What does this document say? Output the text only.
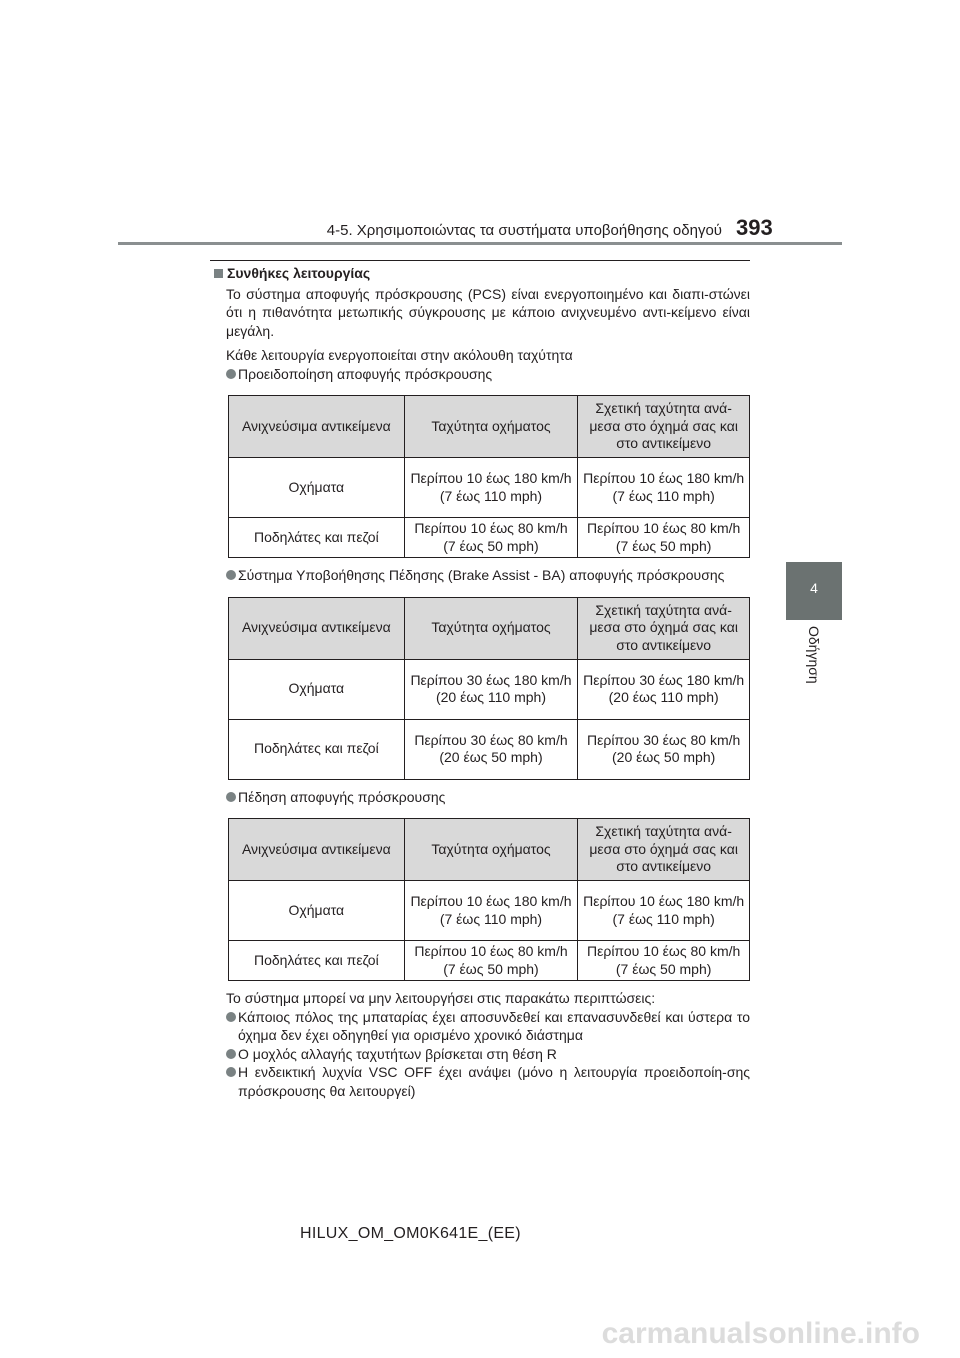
4-5. Χρησιμοποιώντας τα συστήματα υποβοήθησης οδηγού 393
4
Οδήγηση

Συνθήκες λειτουργίας

Το σύστημα αποφυγής πρόσκρουσης (PCS) είναι ενεργοποιημένο και διαπι-στώνει ότι η πιθανότητα μετωπικής σύγκρουσης με κάποιο ανιχνευμένο αντι-κείμενο είναι μεγάλη.

Κάθε λειτουργία ενεργοποιείται στην ακόλουθη ταχύτητα

Προειδοποίηση αποφυγής πρόσκρουσης

Ανιχνεύσιμα αντικείμενα	Ταχύτητα οχήματος	Σχετική ταχύτητα ανά-μεσα στο όχημά σας και στο αντικείμενο
Οχήματα	Περίπου 10 έως 180 km/h (7 έως 110 mph)	Περίπου 10 έως 180 km/h (7 έως 110 mph)
Ποδηλάτες και πεζοί	Περίπου 10 έως 80 km/h (7 έως 50 mph)	Περίπου 10 έως 80 km/h (7 έως 50 mph)

Σύστημα Υποβοήθησης Πέδησης (Brake Assist - BA) αποφυγής πρόσκρουσης

Ανιχνεύσιμα αντικείμενα	Ταχύτητα οχήματος	Σχετική ταχύτητα ανά-μεσα στο όχημά σας και στο αντικείμενο
Οχήματα	Περίπου 30 έως 180 km/h (20 έως 110 mph)	Περίπου 30 έως 180 km/h (20 έως 110 mph)
Ποδηλάτες και πεζοί	Περίπου 30 έως 80 km/h (20 έως 50 mph)	Περίπου 30 έως 80 km/h (20 έως 50 mph)

Πέδηση αποφυγής πρόσκρουσης

Ανιχνεύσιμα αντικείμενα	Ταχύτητα οχήματος	Σχετική ταχύτητα ανά-μεσα στο όχημά σας και στο αντικείμενο
Οχήματα	Περίπου 10 έως 180 km/h (7 έως 110 mph)	Περίπου 10 έως 180 km/h (7 έως 110 mph)
Ποδηλάτες και πεζοί	Περίπου 10 έως 80 km/h (7 έως 50 mph)	Περίπου 10 έως 80 km/h (7 έως 50 mph)

Το σύστημα μπορεί να μην λειτουργήσει στις παρακάτω περιπτώσεις:

Κάποιος πόλος της μπαταρίας έχει αποσυνδεθεί και επανασυνδεθεί και ύστερα το όχημα δεν έχει οδηγηθεί για ορισμένο χρονικό διάστημα

Ο μοχλός αλλαγής ταχυτήτων βρίσκεται στη θέση R

Η ενδεικτική λυχνία VSC OFF έχει ανάψει (μόνο η λειτουργία προειδοποίη-σης πρόσκρουσης θα λειτουργεί)

HILUX_OM_OM0K641E_(EE)
carmanualsonline.info
